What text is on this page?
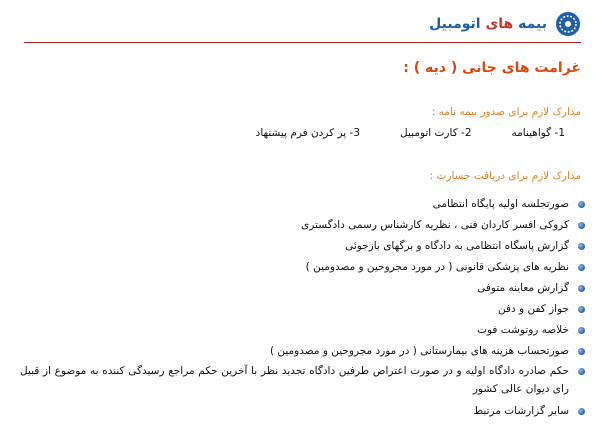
بیمه های اتومبیل
غرامت های جانی ( دیه ) :
مدارک لازم برای صدور بیمه نامه :
1- گواهینامه
2- کارت اتومبیل
3- پر کردن فرم پیشنهاد
مدارک لازم برای دریافت خسارت :
صورتجلسه اولیه پایگاه انتظامی
کروکی افسر کاردان فنی ، نظریه کارشناس رسمی دادگستری
گزارش پاسگاه انتظامی به دادگاه و برگهای بازجوئی
نظریه های پزشکی قانونی ( در مورد مجروحین و مصدومین )
گزارش معاینه متوفی
جواز کفن و دفن
خلاصه روتوشت فوت
صورتحساب هزینه های بیمارستانی ( در مورد مجروحین و مصدومین )
حکم صادره دادگاه اولیه و در صورت اعتراض طرفین دادگاه تجدید نظر با آخرین حکم مراجع رسیدگی کننده به موضوع از قبیل رای دیوان عالی کشور
سایر گزارشات مرتبط
